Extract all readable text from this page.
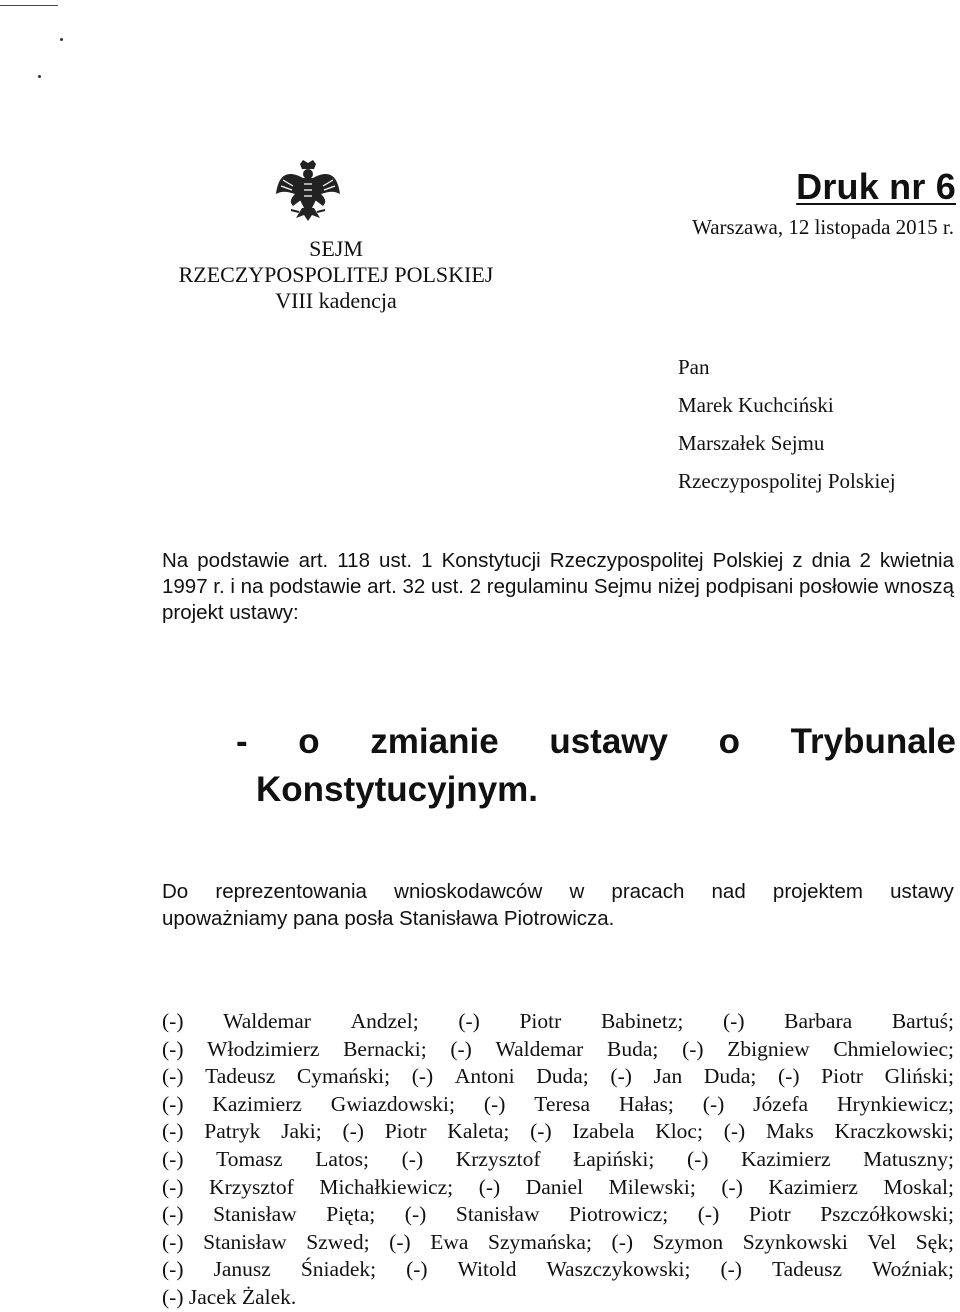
SEJM
RZECZYPOSPOLITEJ POLSKIEJ
VIII kadencja
Druk nr 6
Warszawa, 12 listopada 2015 r.
Pan
Marek Kuchciński
Marszałek Sejmu
Rzeczypospolitej Polskiej
Na podstawie art. 118 ust. 1 Konstytucji Rzeczypospolitej Polskiej z dnia 2 kwietnia 1997 r. i na podstawie art. 32 ust. 2 regulaminu Sejmu niżej podpisani posłowie wnoszą projekt ustawy:
- o zmianie ustawy o Trybunale
Konstytucyjnym.
Do reprezentowania wnioskodawców w pracach nad projektem ustawy
upoważniamy pana posła Stanisława Piotrowicza.
(-) Waldemar Andzel; (-) Piotr Babinetz; (-) Barbara Bartuś;
(-) Włodzimierz Bernacki; (-) Waldemar Buda; (-) Zbigniew Chmielowiec;
(-) Tadeusz Cymański; (-) Antoni Duda; (-) Jan Duda; (-) Piotr Gliński;
(-) Kazimierz Gwiazdowski; (-) Teresa Hałas; (-) Józefa Hrynkiewicz;
(-) Patryk Jaki; (-) Piotr Kaleta; (-) Izabela Kloc; (-) Maks Kraczkowski;
(-) Tomasz Latos; (-) Krzysztof Łapiński; (-) Kazimierz Matuszny;
(-) Krzysztof Michałkiewicz; (-) Daniel Milewski; (-) Kazimierz Moskal;
(-) Stanisław Pięta; (-) Stanisław Piotrowicz; (-) Piotr Pszczółkowski;
(-) Stanisław Szwed; (-) Ewa Szymańska; (-) Szymon Szynkowski Vel Sęk;
(-) Janusz Śniadek; (-) Witold Waszczykowski; (-) Tadeusz Woźniak;
(-) Jacek Żalek.
